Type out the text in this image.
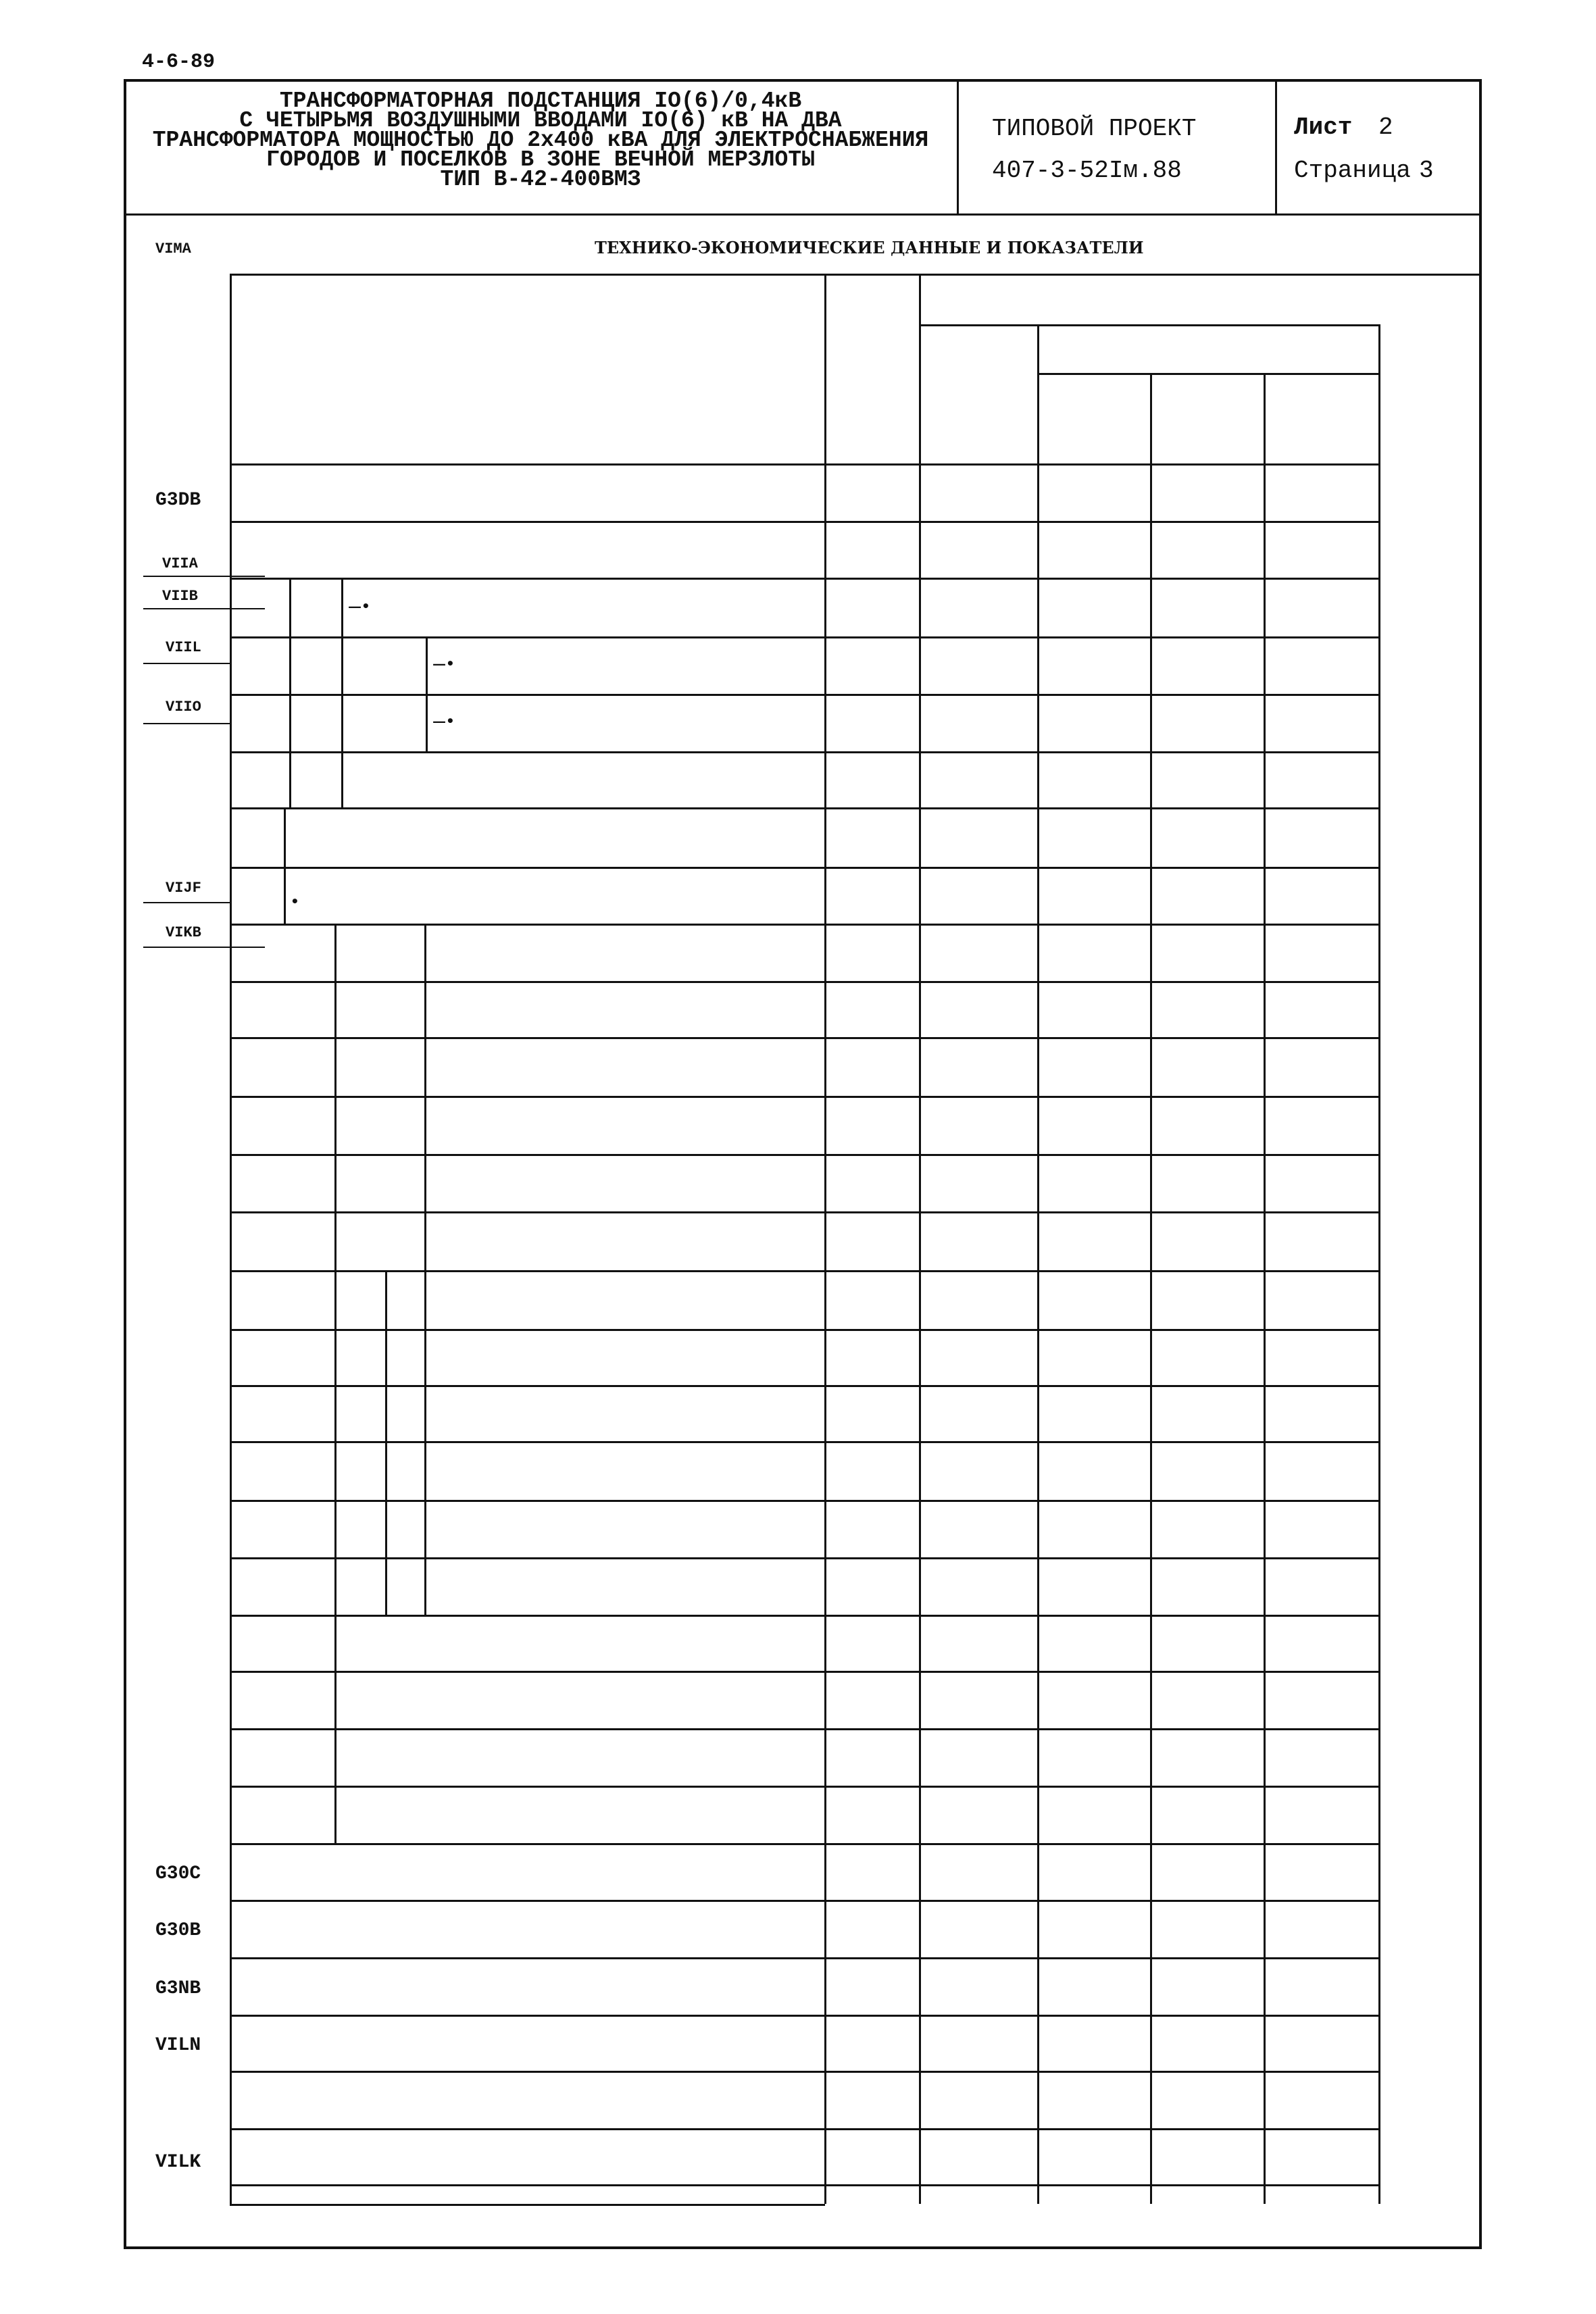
4-6-89
ТРАНСФОРМАТОРНАЯ ПОДСТАНЦИЯ IO(6)/0,4кВ
С ЧЕТЫРЬМЯ ВОЗДУШНЫМИ ВВОДАМИ IO(6) кВ НА ДВА
ТРАНСФОРМАТОРА МОЩНОСТЬЮ ДО 2x400 кВА ДЛЯ ЭЛЕКТРОСНАБЖЕНИЯ
ГОРОДОВ И ПОСЕЛКОВ В ЗОНЕ ВЕЧНОЙ МЕРЗЛОТЫ
ТИП В-42-400ВМЗ
ТИПОВОЙ ПРОЕКТ
407-3-52Iм.88
Лист 2
Страница 3
ТЕХНИКО-ЭКОНОМИЧЕСКИЕ ДАННЫЕ И ПОКАЗАТЕЛИ
VIMA
G3DB
VIIA
VIIB
VIIL
VIIO
VIJF
VIKB
G30C
G30B
G3NB
VILN
VILK
—•
—•
—•
•
